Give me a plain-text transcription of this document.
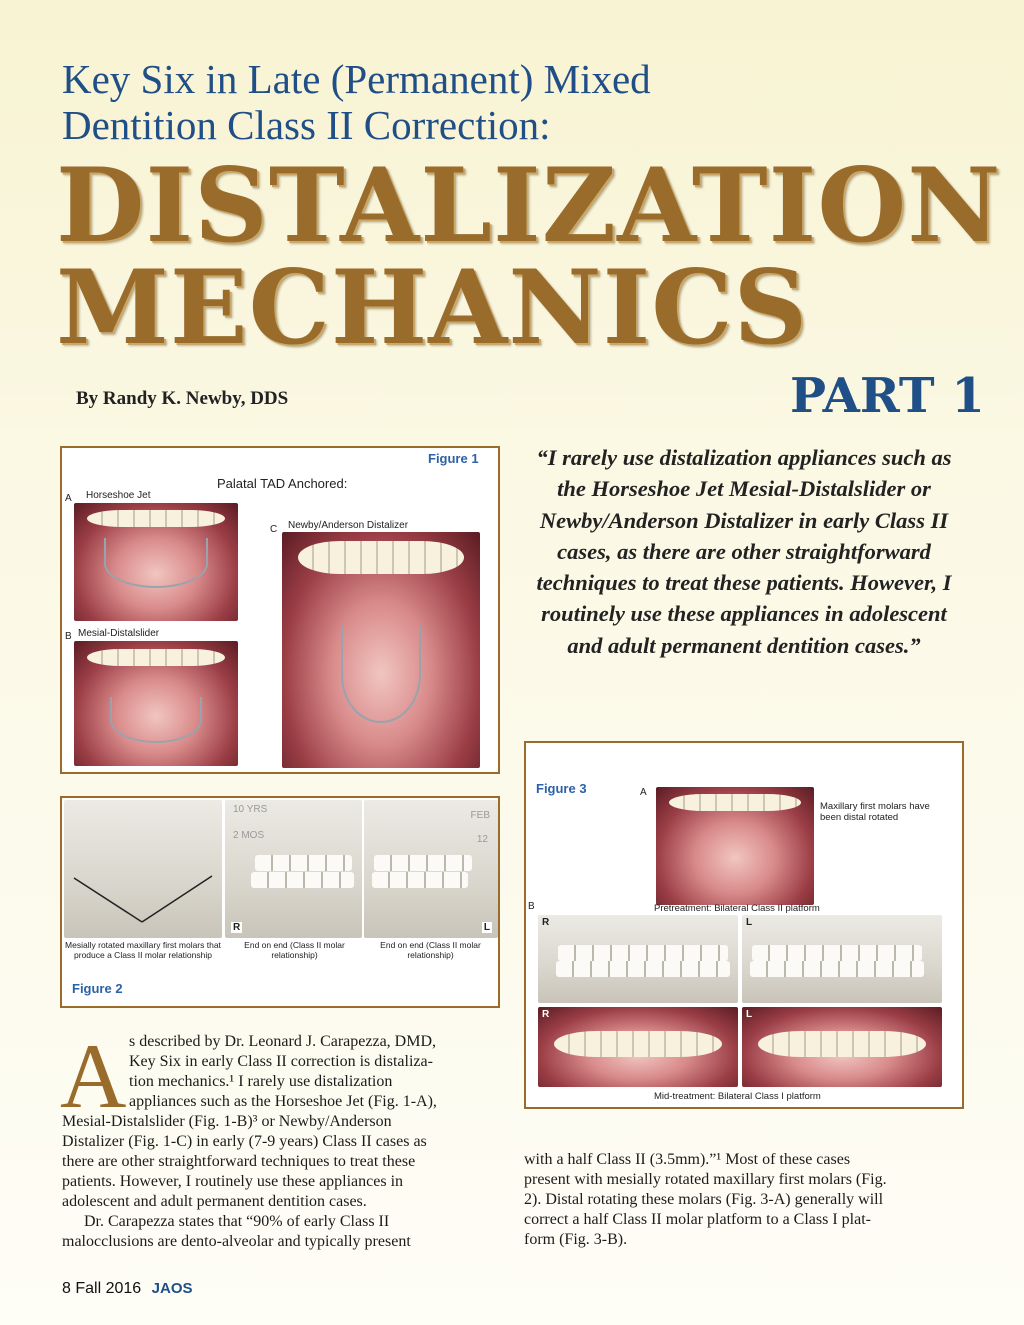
Key Six in Late (Permanent) Mixed
Dentition Class II Correction:
DISTALIZATION
MECHANICS
By Randy K. Newby, DDS	PART 1
Figure 1
Palatal TAD Anchored:
A Horseshoe Jet
B Mesial-Distalslider
C Newby/Anderson Distalizer
“I rarely use distalization appliances such as the Horseshoe Jet Mesial-Distalslider or Newby/Anderson Distalizer in early Class II cases, as there are other straightforward techniques to treat these patients. However, I routinely use these appliances in adolescent and adult permanent dentition cases.”
10 YRS
2 MOS
R
FEB
12
L
Mesially rotated maxillary first molars that produce a Class II molar relationship
End on end (Class II molar relationship)
End on end (Class II molar relationship)
Figure 2
Figure 3	A
Maxillary first molars have been distal rotated
B	Pretreatment: Bilateral Class II platform
R	L
R	L
Mid-treatment: Bilateral Class I platform
A s described by Dr. Leonard J. Carapezza, DMD,
Key Six in early Class II correction is distaliza-
tion mechanics.¹ I rarely use distalization
appliances such as the Horseshoe Jet (Fig. 1-A),
Mesial-Distalslider (Fig. 1-B)³ or Newby/Anderson
Distalizer (Fig. 1-C) in early (7-9 years) Class II cases as
there are other straightforward techniques to treat these
patients. However, I routinely use these appliances in
adolescent and adult permanent dentition cases.
Dr. Carapezza states that “90% of early Class II
malocclusions are dento-alveolar and typically present
with a half Class II (3.5mm).”¹ Most of these cases
present with mesially rotated maxillary first molars (Fig.
2). Distal rotating these molars (Fig. 3-A) generally will
correct a half Class II molar platform to a Class I plat-
form (Fig. 3-B).
8 Fall 2016 JAOS
